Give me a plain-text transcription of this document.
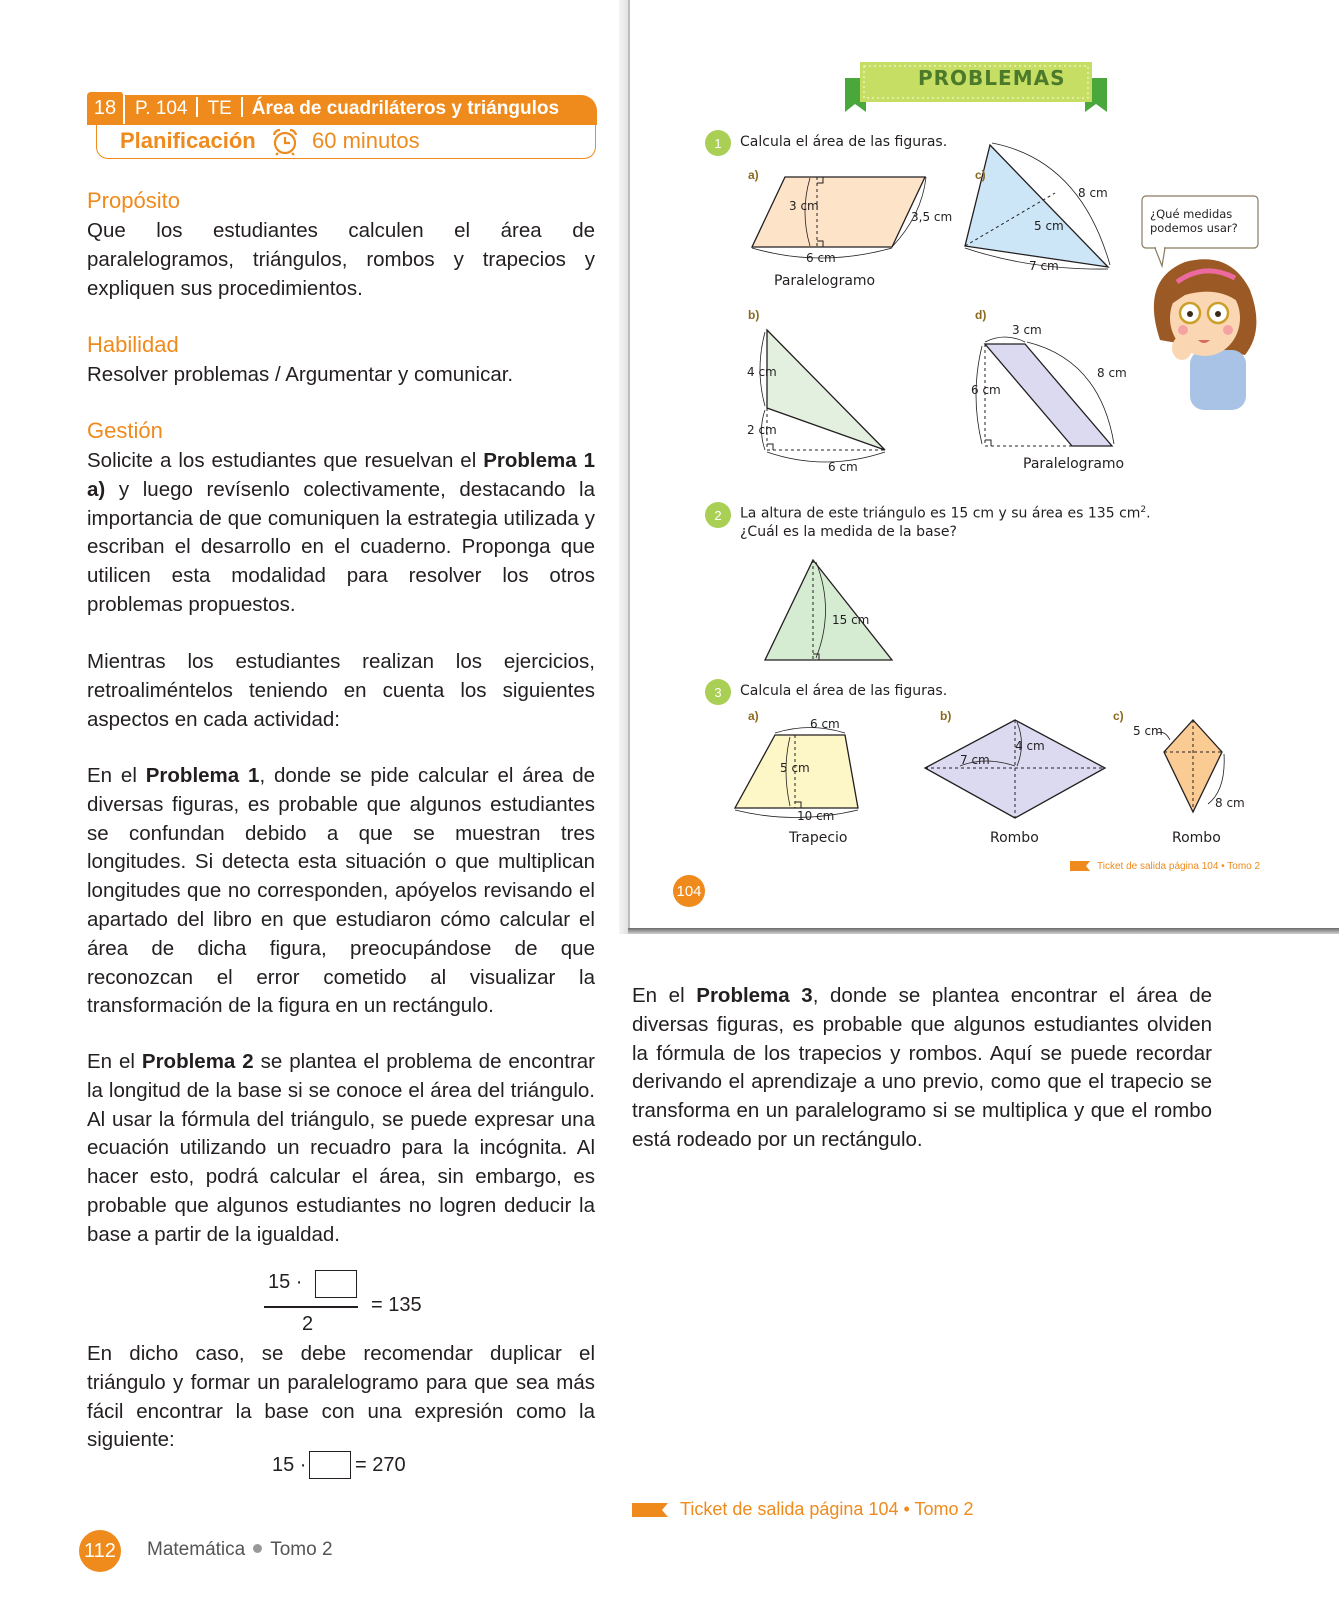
18 P. 104 TE Área de cuadriláteros y triángulos
Planificación	60 minutos
Propósito
Que los estudiantes calculen el área de paralelogramos, triángulos, rombos y trapecios y expliquen sus procedimientos.
Habilidad
Resolver problemas / Argumentar y comunicar.
Gestión
Solicite a los estudiantes que resuelvan el Problema 1 a) y luego revísenlo colectivamente, destacando la importancia de que comuniquen la estrategia utilizada y escriban el desarrollo en el cuaderno. Proponga que utilicen esta modalidad para resolver los otros problemas propuestos.
Mientras los estudiantes realizan los ejercicios, retroaliméntelos teniendo en cuenta los siguientes aspectos en cada actividad:
En el Problema 1, donde se pide calcular el área de diversas figuras, es probable que algunos estudiantes se confundan debido a que se muestran tres longitudes. Si detecta esta situación o que multiplican longitudes que no corresponden, apóyelos revisando el apartado del libro en que estudiaron cómo calcular el área de dicha figura, preocupándose de que reconozcan el error cometido al visualizar la transformación de la figura en un rectángulo.
En el Problema 2 se plantea el problema de encontrar la longitud de la base si se conoce el área del triángulo. Al usar la fórmula del triángulo, se puede expresar una ecuación utilizando un recuadro para la incógnita. Al hacer esto, podrá calcular el área, sin embargo, es probable que algunos estudiantes no logren deducir la base a partir de la igualdad.
15 ·
2
= 135
En dicho caso, se debe recomendar duplicar el triángulo y formar un paralelogramo para que sea más fácil encontrar la base con una expresión como la siguiente:
15 · = 270
112 Matemática Tomo 2
PROBLEMAS
1	Calcula el área de las figuras.
a)
3 cm
3,5 cm
6 cm
Paralelogramo
c)
8 cm
5 cm
7 cm
¿Qué medidas podemos usar?
b)
4 cm
2 cm
6 cm
d)
3 cm
8 cm
6 cm
Paralelogramo
2	La altura de este triángulo es 15 cm y su área es 135 $cm^2$.
¿Cuál es la medida de la base?
15 cm
3	Calcula el área de las figuras.
a)
6 cm
5 cm
10 cm
Trapecio
b)
7 cm
4 cm
Rombo
c)
5 cm
8 cm
Rombo
Ticket de salida página 104 • Tomo 2
104
En el Problema 3, donde se plantea encontrar el área de diversas figuras, es probable que algunos estudiantes olviden la fórmula de los trapecios y rombos. Aquí se puede recordar derivando el aprendizaje a uno previo, como que el trapecio se transforma en un paralelogramo si se multiplica y que el rombo está rodeado por un rectángulo.
Ticket de salida página 104 • Tomo 2
